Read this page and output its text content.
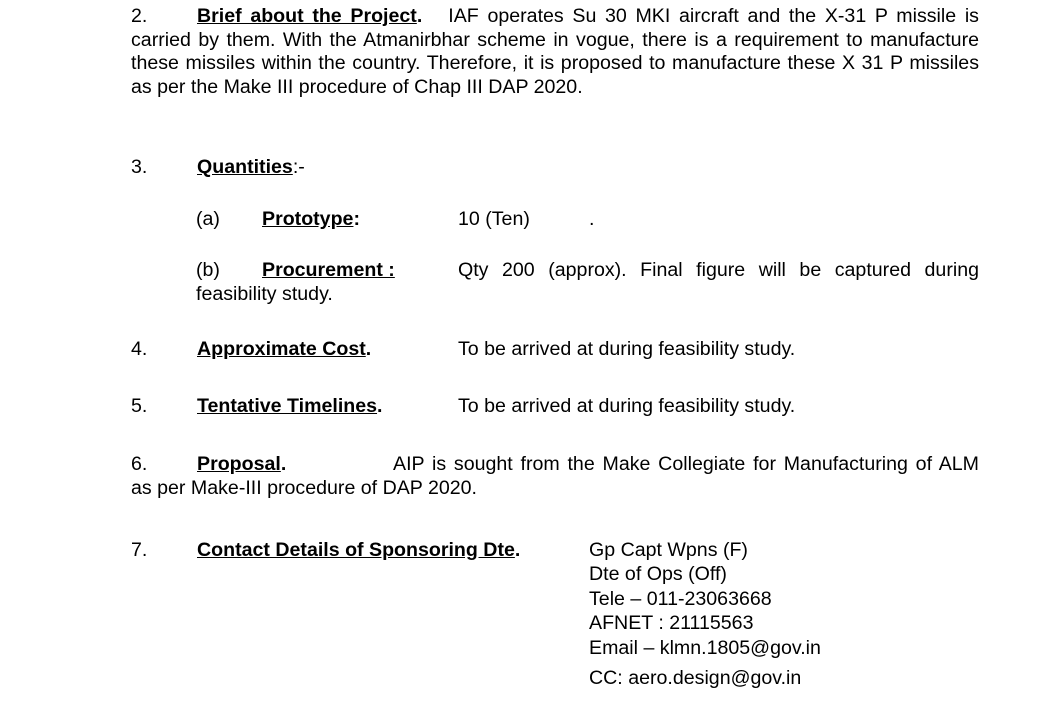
2.	Brief about the Project. IAF operates Su 30 MKI aircraft and the X-31 P missile is carried by them. With the Atmanirbhar scheme in vogue, there is a requirement to manufacture these missiles within the country. Therefore, it is proposed to manufacture these X 31 P missiles as per the Make III procedure of Chap III DAP 2020.
3.	Quantities:-
(a) Prototype:	10 (Ten)	.
(b) Procurement :	Qty 200 (approx). Final figure will be captured during feasibility study.
4.	Approximate Cost.	To be arrived at during feasibility study.
5.	Tentative Timelines.	To be arrived at during feasibility study.
6.	Proposal.	AIP is sought from the Make Collegiate for Manufacturing of ALM as per Make-III procedure of DAP 2020.
7.	Contact Details of Sponsoring Dte.	Gp Capt Wpns (F)
Dte of Ops (Off)
Tele – 011-23063668
AFNET : 21115563
Email – klmn.1805@gov.in
CC: aero.design@gov.in
